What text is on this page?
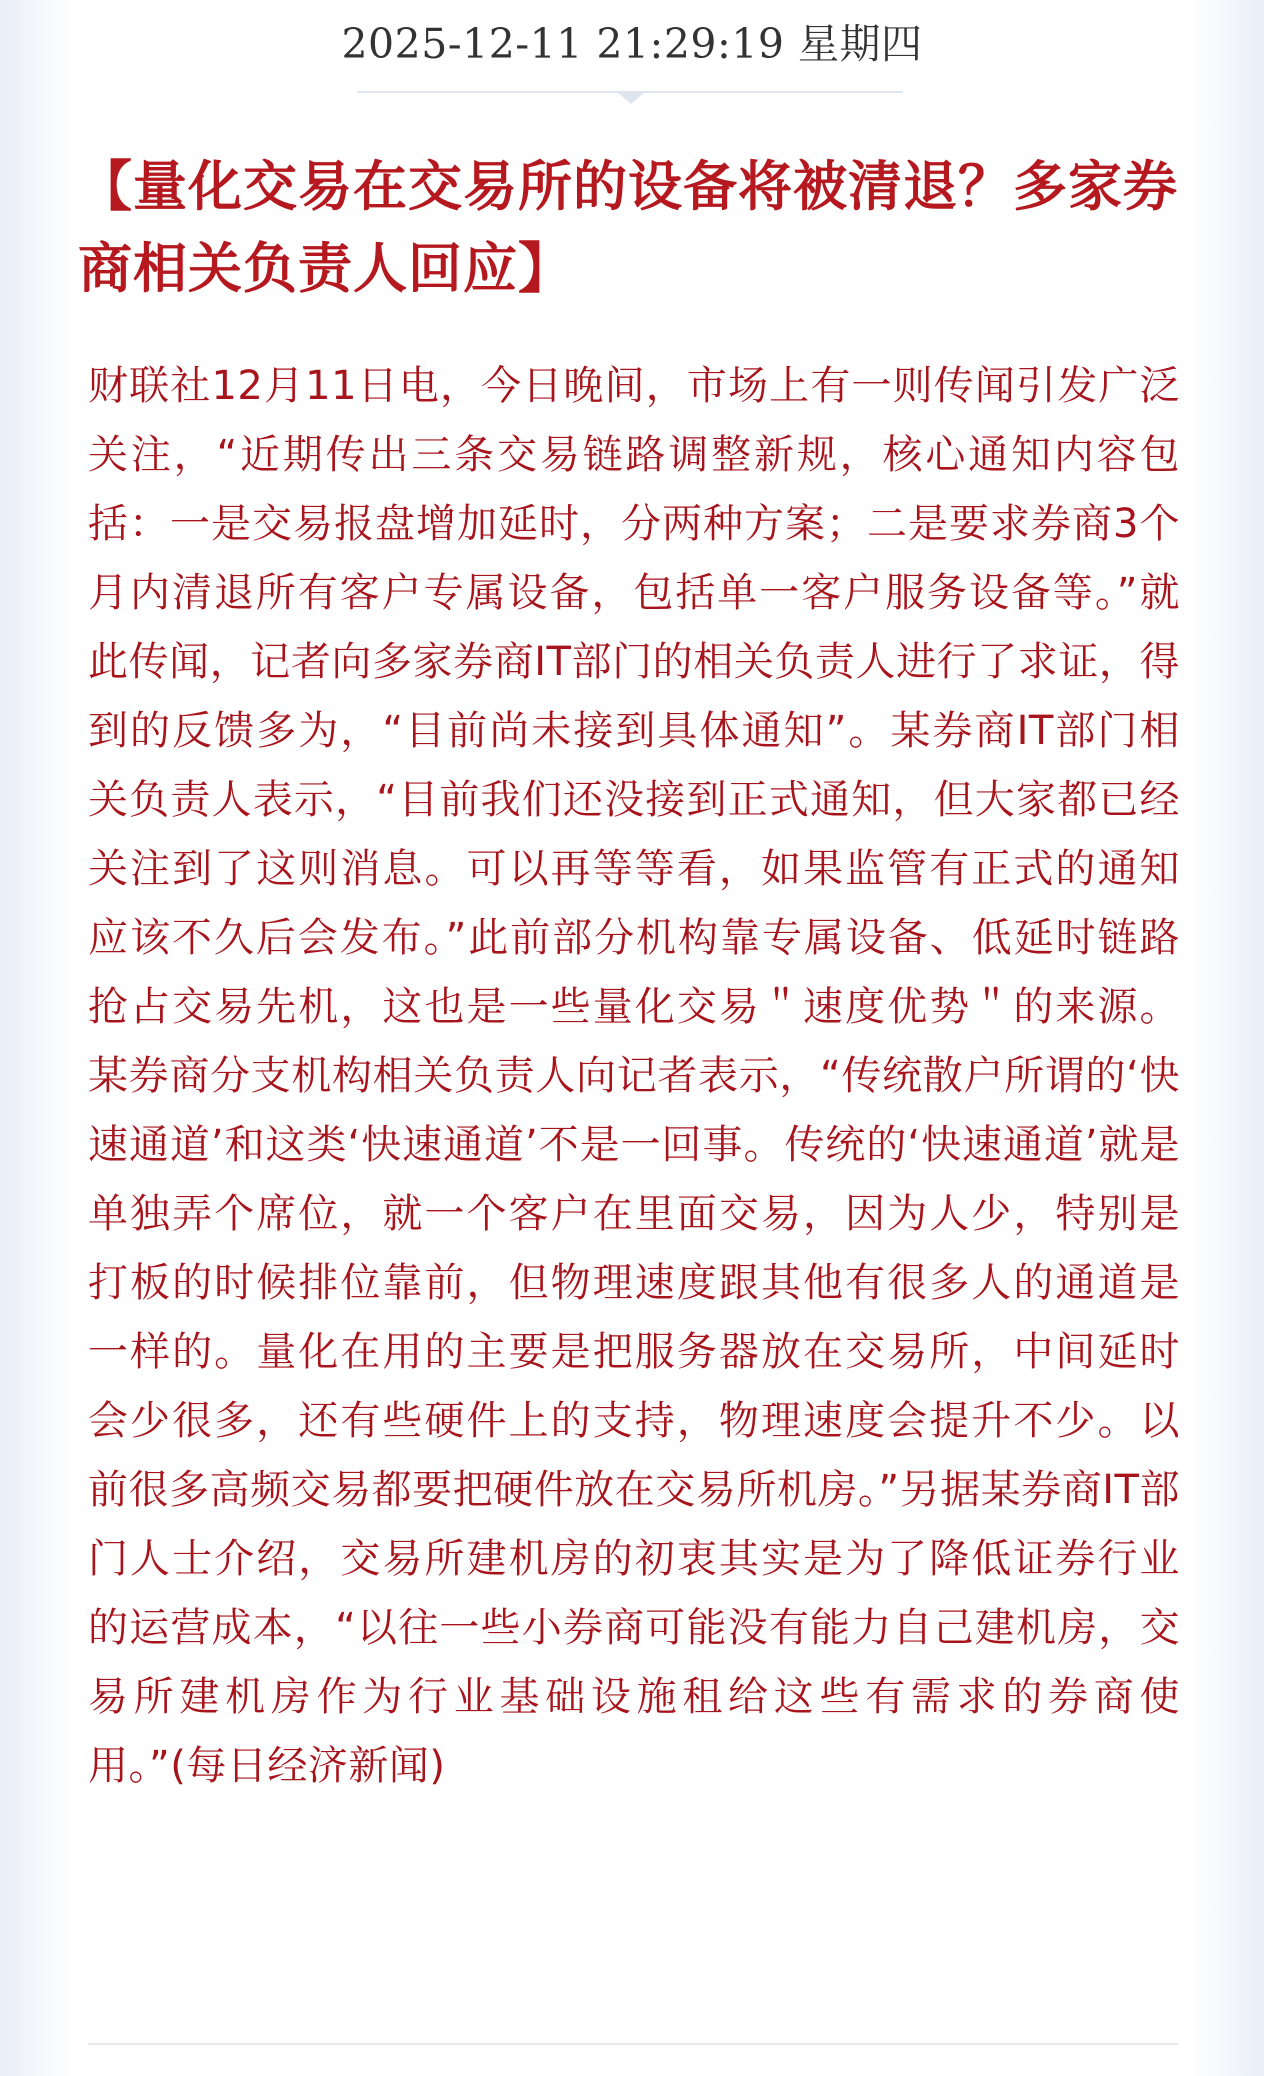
2025-12-11 21:29:19 星期四
【量化交易在交易所的设备将被清退？多家券商相关负责人回应】

财联社12月11日电，今日晚间，市场上有一则传闻引发广泛关注，“近期传出三条交易链路调整新规，核心通知内容包括：一是交易报盘增加延时，分两种方案；二是要求券商3个月内清退所有客户专属设备，包括单一客户服务设备等。”就此传闻，记者向多家券商IT部门的相关负责人进行了求证，得到的反馈多为，“目前尚未接到具体通知”。某券商IT部门相关负责人表示，“目前我们还没接到正式通知，但大家都已经关注到了这则消息。可以再等等看，如果监管有正式的通知应该不久后会发布。”此前部分机构靠专属设备、低延时链路抢占交易先机，这也是一些量化交易＂速度优势＂的来源。某券商分支机构相关负责人向记者表示，“传统散户所谓的‘快速通道’和这类‘快速通道’不是一回事。传统的‘快速通道’就是单独弄个席位，就一个客户在里面交易，因为人少，特别是打板的时候排位靠前，但物理速度跟其他有很多人的通道是一样的。量化在用的主要是把服务器放在交易所，中间延时会少很多，还有些硬件上的支持，物理速度会提升不少。以前很多高频交易都要把硬件放在交易所机房。”另据某券商IT部门人士介绍，交易所建机房的初衷其实是为了降低证券行业的运营成本，“以往一些小券商可能没有能力自己建机房，交易所建机房作为行业基础设施租给这些有需求的券商使用。”(每日经济新闻)
